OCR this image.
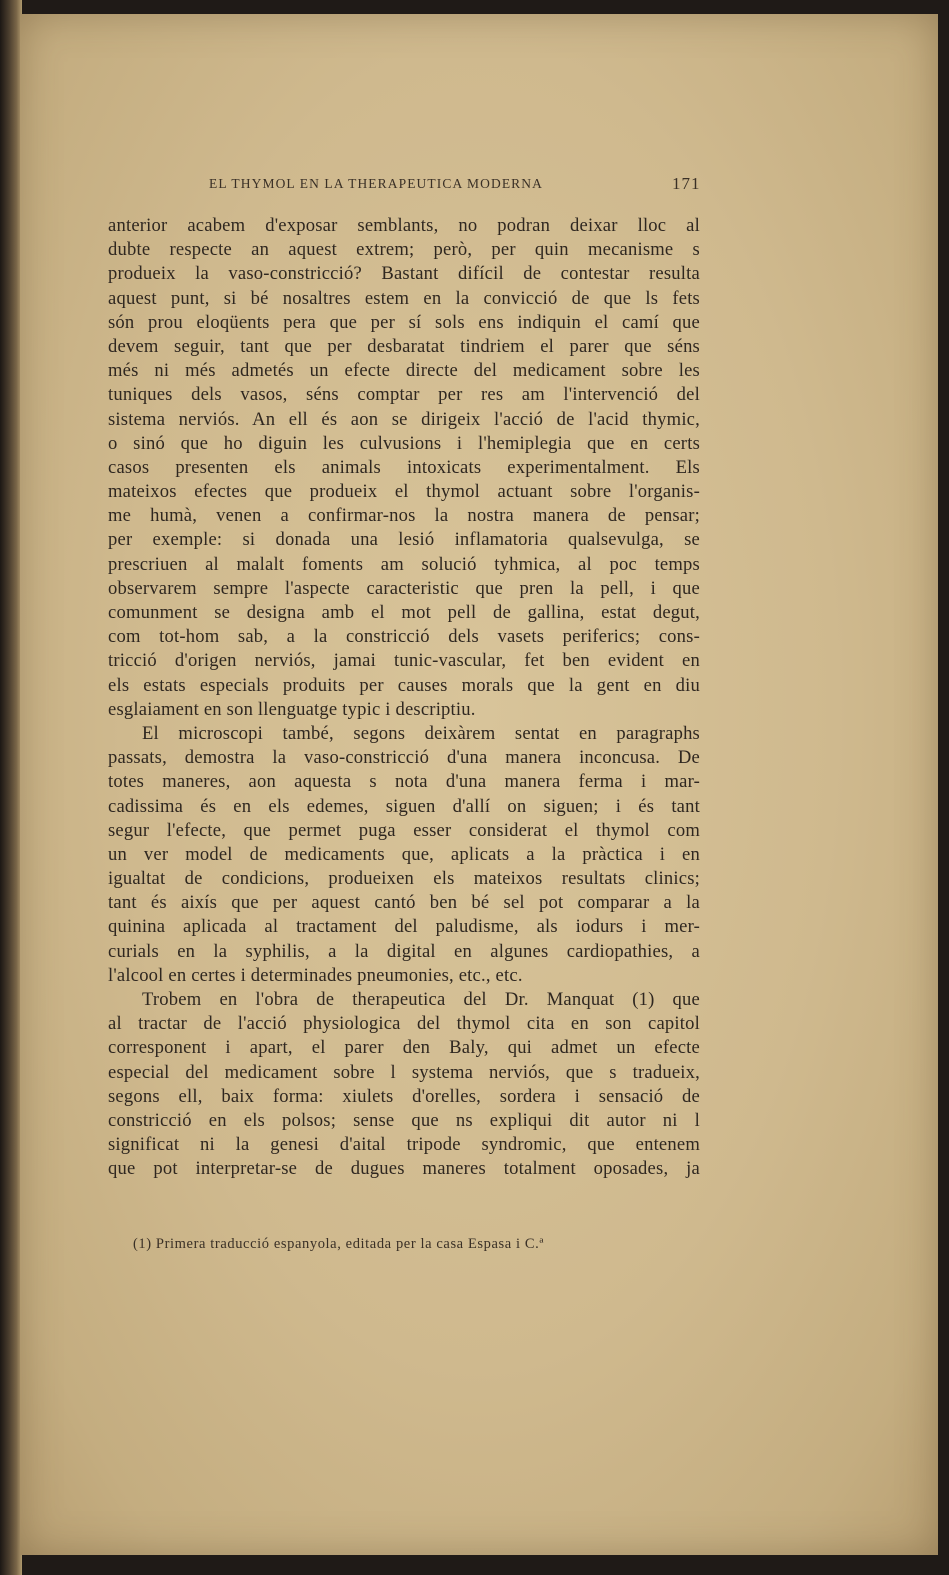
EL THYMOL EN LA THERAPEUTICA MODERNA	171
anterior acabem d'exposar semblants, no podran deixar lloc al
dubte respecte an aquest extrem; però, per quin mecanisme s
produeix la vaso-constricció? Bastant difícil de contestar resulta
aquest punt, si bé nosaltres estem en la convicció de que ls fets
són prou eloqüents pera que per sí sols ens indiquin el camí que
devem seguir, tant que per desbaratat tindriem el parer que séns
més ni més admetés un efecte directe del medicament sobre les
tuniques dels vasos, séns comptar per res am l'intervenció del
sistema nerviós. An ell és aon se dirigeix l'acció de l'acid thymic,
o sinó que ho diguin les culvusions i l'hemiplegia que en certs
casos presenten els animals intoxicats experimentalment. Els
mateixos efectes que produeix el thymol actuant sobre l'organis-
me humà, venen a confirmar-nos la nostra manera de pensar;
per exemple: si donada una lesió inflamatoria qualsevulga, se
prescriuen al malalt foments am solució tyhmica, al poc temps
observarem sempre l'aspecte caracteristic que pren la pell, i que
comunment se designa amb el mot pell de gallina, estat degut,
com tot-hom sab, a la constricció dels vasets periferics; cons-
tricció d'origen nerviós, jamai tunic-vascular, fet ben evident en
els estats especials produits per causes morals que la gent en diu
esglaiament en son llenguatge typic i descriptiu.
El microscopi també, segons deixàrem sentat en paragraphs
passats, demostra la vaso-constricció d'una manera inconcusa. De
totes maneres, aon aquesta s nota d'una manera ferma i mar-
cadissima és en els edemes, siguen d'allí on siguen; i és tant
segur l'efecte, que permet puga esser considerat el thymol com
un ver model de medicaments que, aplicats a la pràctica i en
igualtat de condicions, produeixen els mateixos resultats clinics;
tant és aixís que per aquest cantó ben bé sel pot comparar a la
quinina aplicada al tractament del paludisme, als iodurs i mer-
curials en la syphilis, a la digital en algunes cardiopathies, a
l'alcool en certes i determinades pneumonies, etc., etc.
Trobem en l'obra de therapeutica del Dr. Manquat (1) que
al tractar de l'acció physiologica del thymol cita en son capitol
corresponent i apart, el parer den Baly, qui admet un efecte
especial del medicament sobre l systema nerviós, que s tradueix,
segons ell, baix forma: xiulets d'orelles, sordera i sensació de
constricció en els polsos; sense que ns expliqui dit autor ni l
significat ni la genesi d'aital tripode syndromic, que entenem
que pot interpretar-se de dugues maneres totalment oposades, ja
(1) Primera traducció espanyola, editada per la casa Espasa i C.ª
